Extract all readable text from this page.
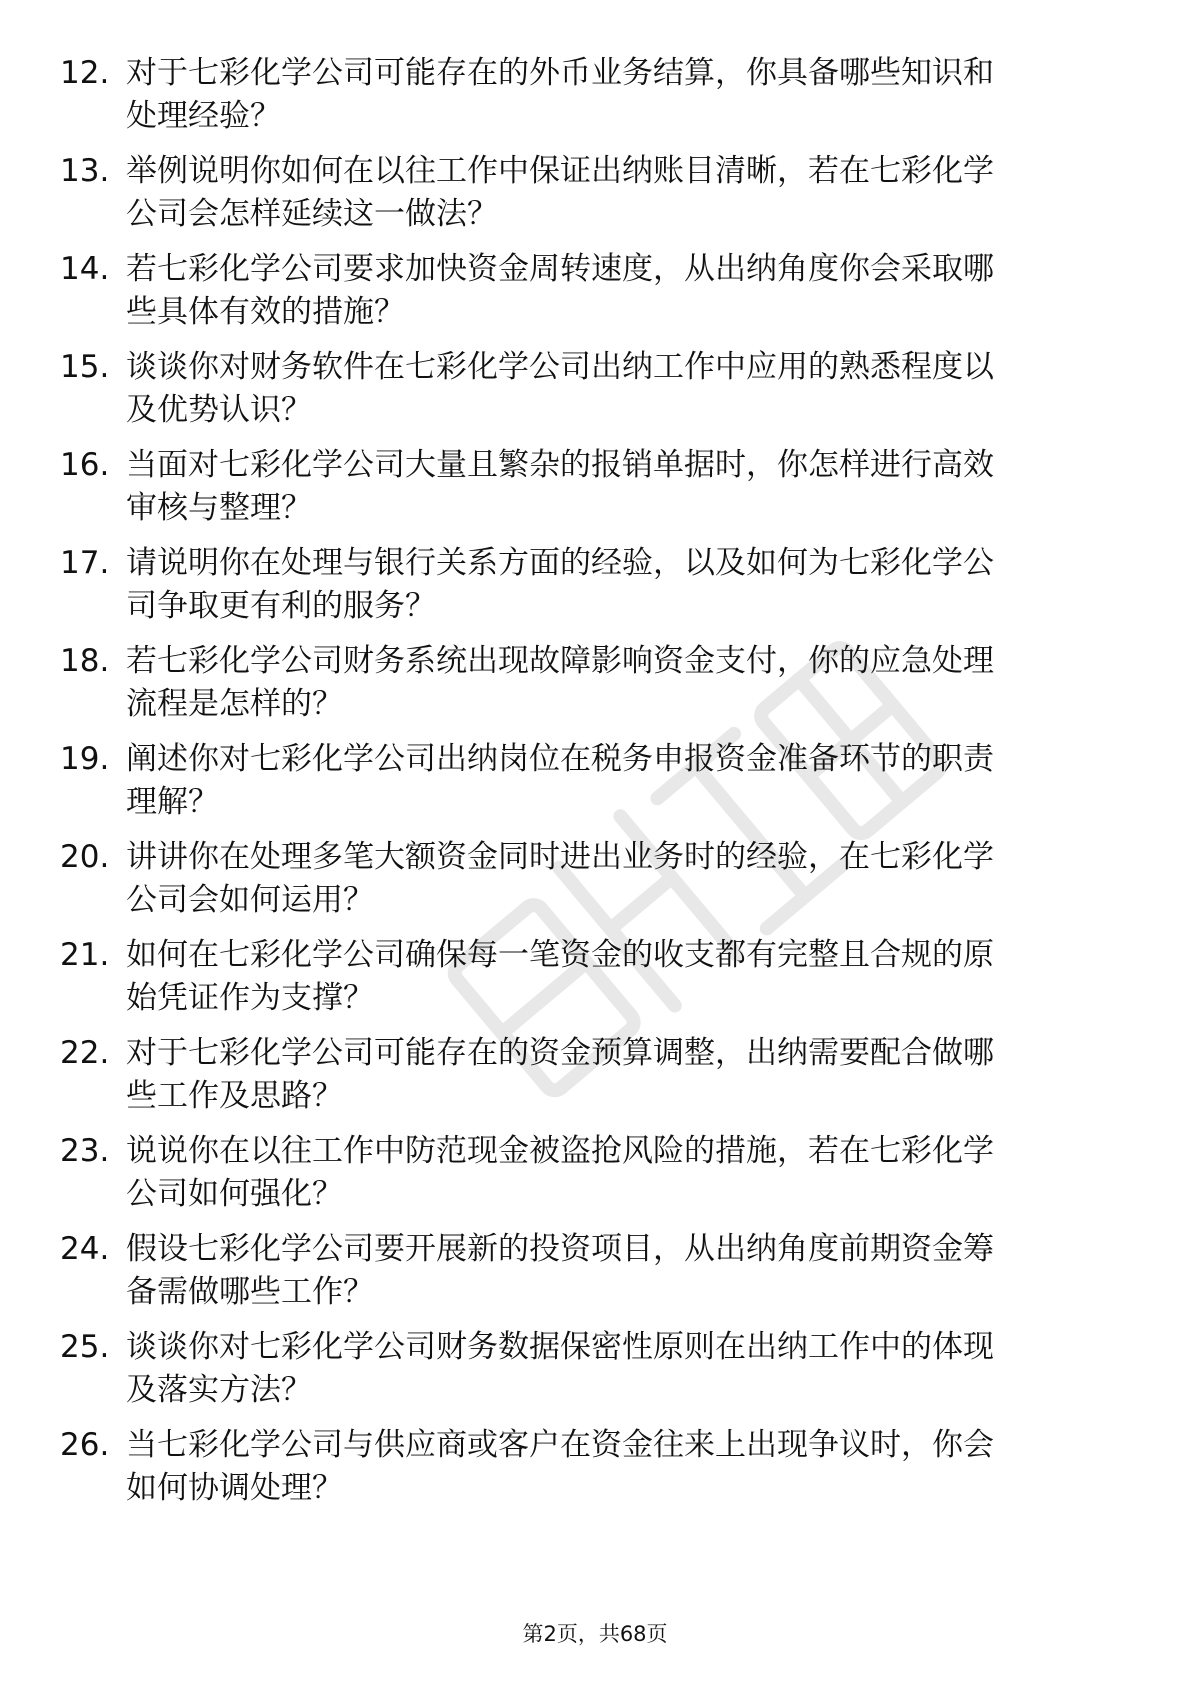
12. 对于七彩化学公司可能存在的外币业务结算，你具备哪些知识和
处理经验？
13. 举例说明你如何在以往工作中保证出纳账目清晰，若在七彩化学
公司会怎样延续这一做法？
14. 若七彩化学公司要求加快资金周转速度，从出纳角度你会采取哪
些具体有效的措施？
15. 谈谈你对财务软件在七彩化学公司出纳工作中应用的熟悉程度以
及优势认识？
16. 当面对七彩化学公司大量且繁杂的报销单据时，你怎样进行高效
审核与整理？
17. 请说明你在处理与银行关系方面的经验，以及如何为七彩化学公
司争取更有利的服务？
18. 若七彩化学公司财务系统出现故障影响资金支付，你的应急处理
流程是怎样的？
19. 阐述你对七彩化学公司出纳岗位在税务申报资金准备环节的职责
理解？
20. 讲讲你在处理多笔大额资金同时进出业务时的经验，在七彩化学
公司会如何运用？
21. 如何在七彩化学公司确保每一笔资金的收支都有完整且合规的原
始凭证作为支撑？
22. 对于七彩化学公司可能存在的资金预算调整，出纳需要配合做哪
些工作及思路？
23. 说说你在以往工作中防范现金被盗抢风险的措施，若在七彩化学
公司如何强化？
24. 假设七彩化学公司要开展新的投资项目，从出纳角度前期资金筹
备需做哪些工作？
25. 谈谈你对七彩化学公司财务数据保密性原则在出纳工作中的体现
及落实方法？
26. 当七彩化学公司与供应商或客户在资金往来上出现争议时，你会
如何协调处理？
第2页，共68页
